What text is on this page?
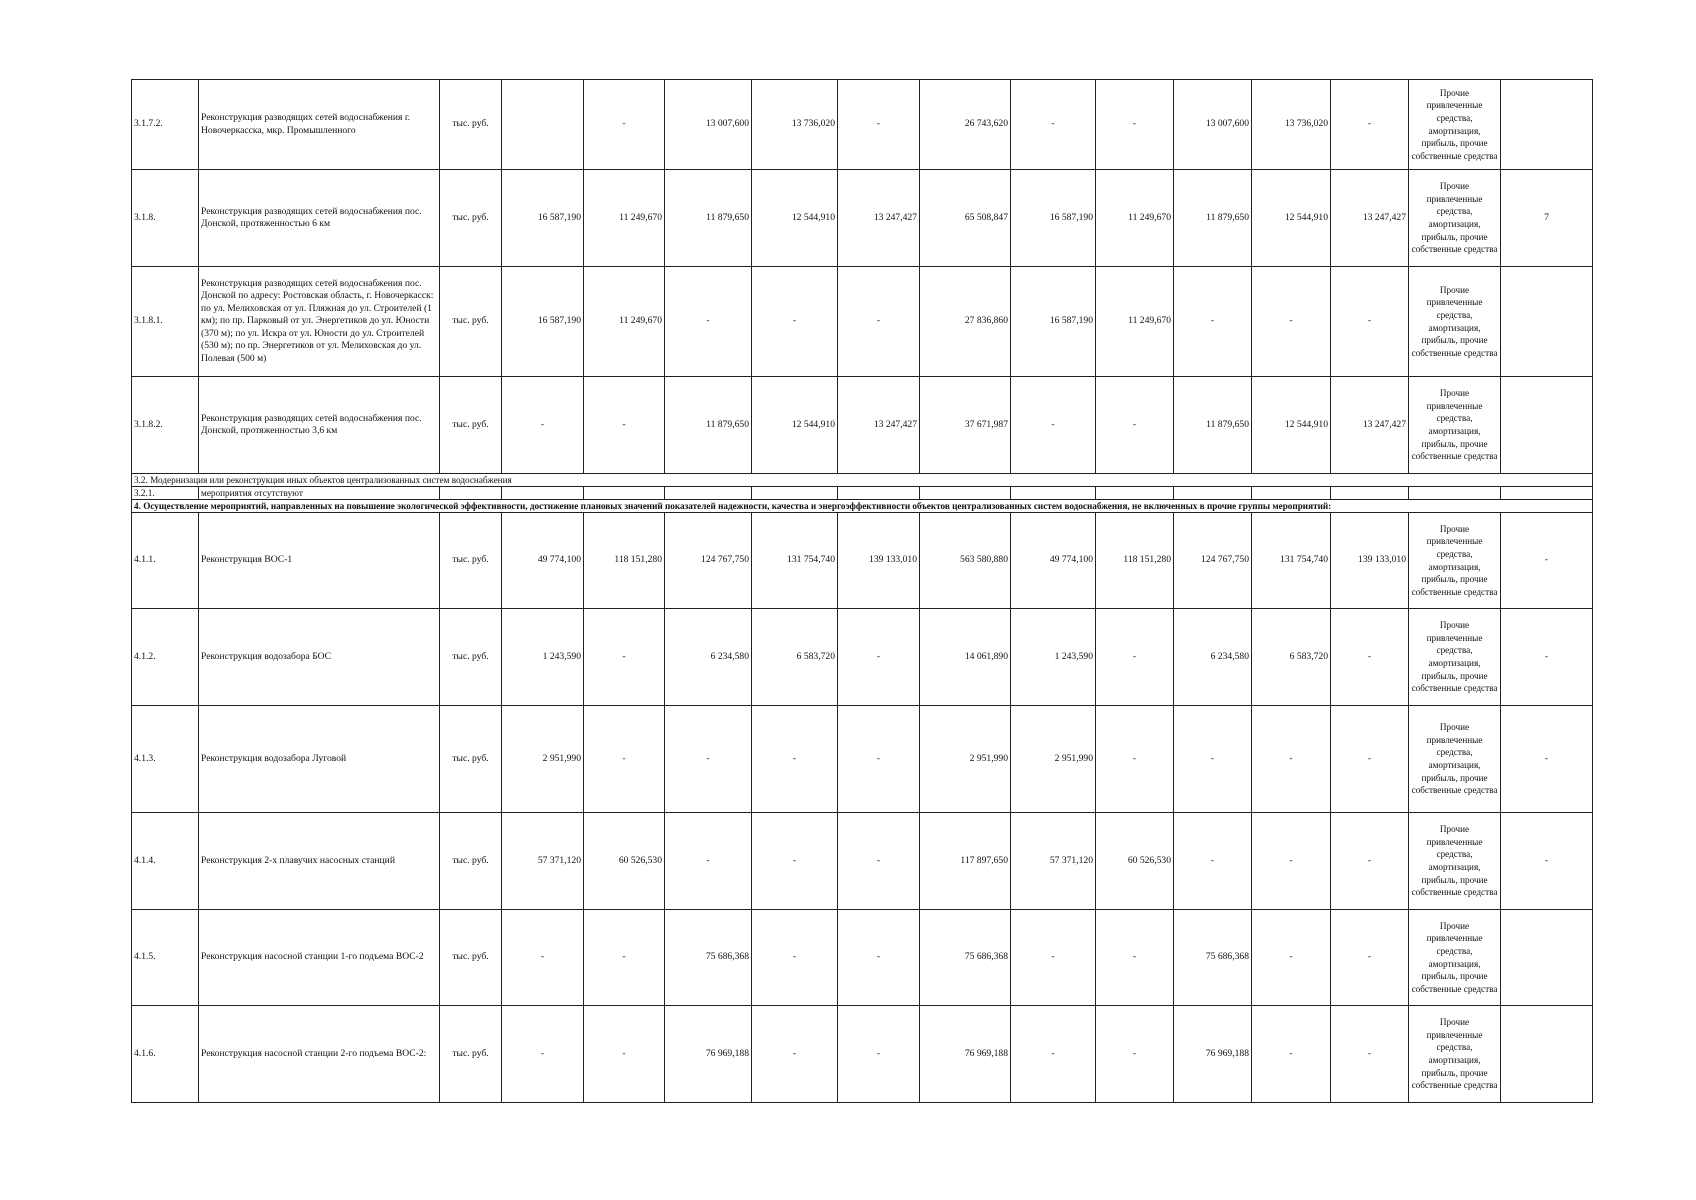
3.1.7.2.	Реконструкция разводящих сетей водоснабжения г. Новочеркасска, мкр. Промышленного	тыс. руб.		-	13 007,600	13 736,020	-	26 743,620	-	-	13 007,600	13 736,020	-	Прочие привлеченные средства, амортизация, прибыль, прочие собственные средства	
3.1.8.	Реконструкция разводящих сетей водоснабжения пос. Донской, протяженностью 6 км	тыс. руб.	16 587,190	11 249,670	11 879,650	12 544,910	13 247,427	65 508,847	16 587,190	11 249,670	11 879,650	12 544,910	13 247,427	Прочие привлеченные средства, амортизация, прибыль, прочие собственные средства	7
3.1.8.1.	Реконструкция разводящих сетей водоснабжения пос. Донской по адресу: Ростовская область, г. Новочеркасск: по ул. Мелиховская от ул. Пляжная до ул. Строителей (1 км); по пр. Парковый от ул. Энергетиков до ул. Юности (370 м); по ул. Искра от ул. Юности до ул. Строителей (530 м); по пр. Энергетиков от ул. Мелиховская до ул. Полевая (500 м)	тыс. руб.	16 587,190	11 249,670	-	-	-	27 836,860	16 587,190	11 249,670	-	-	-	Прочие привлеченные средства, амортизация, прибыль, прочие собственные средства	
3.1.8.2.	Реконструкция разводящих сетей водоснабжения пос. Донской, протяженностью 3,6 км	тыс. руб.	-	-	11 879,650	12 544,910	13 247,427	37 671,987	-	-	11 879,650	12 544,910	13 247,427	Прочие привлеченные средства, амортизация, прибыль, прочие собственные средства	
3.2. Модернизация или реконструкция иных объектов централизованных систем водоснабжения															
3.2.1.	мероприятия отсутствуют														
4. Осуществление мероприятий, направленных на повышение экологической эффективности, достижение плановых значений показателей надежности, качества и энергоэффективности объектов централизованных систем водоснабжения, не включенных в прочие группы мероприятий:															
4.1.1.	Реконструкция ВОС-1	тыс. руб.	49 774,100	118 151,280	124 767,750	131 754,740	139 133,010	563 580,880	49 774,100	118 151,280	124 767,750	131 754,740	139 133,010	Прочие привлеченные средства, амортизация, прибыль, прочие собственные средства	-
4.1.2.	Реконструкция водозабора БОС	тыс. руб.	1 243,590	-	6 234,580	6 583,720	-	14 061,890	1 243,590	-	6 234,580	6 583,720	-	Прочие привлеченные средства, амортизация, прибыль, прочие собственные средства	-
4.1.3.	Реконструкция водозабора Луговой	тыс. руб.	2 951,990	-	-	-	-	2 951,990	2 951,990	-	-	-	-	Прочие привлеченные средства, амортизация, прибыль, прочие собственные средства	-
4.1.4.	Реконструкция 2-х плавучих насосных станций	тыс. руб.	57 371,120	60 526,530	-	-	-	117 897,650	57 371,120	60 526,530	-	-	-	Прочие привлеченные средства, амортизация, прибыль, прочие собственные средства	-
4.1.5.	Реконструкция насосной станции 1-го подъема ВОС-2	тыс. руб.	-	-	75 686,368	-	-	75 686,368	-	-	75 686,368	-	-	Прочие привлеченные средства, амортизация, прибыль, прочие собственные средства	
4.1.6.	Реконструкция насосной станции 2-го подъема ВОС-2:	тыс. руб.	-	-	76 969,188	-	-	76 969,188	-	-	76 969,188	-	-	Прочие привлеченные средства, амортизация, прибыль, прочие собственные средства	
